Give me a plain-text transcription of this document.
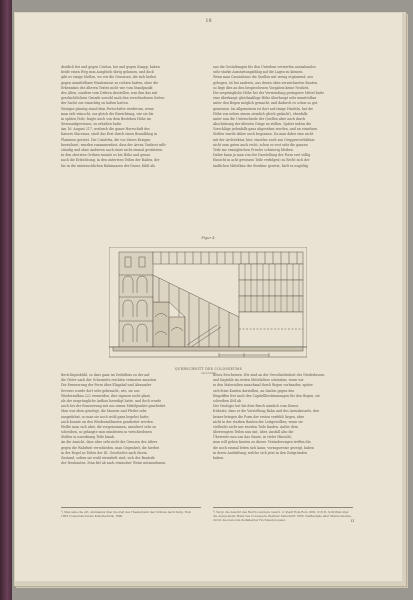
18
deutlich bei und gegen Cestius, bei und gegen Knapp; haben
beide einen Weg zum Ausgleich übrig gelassen, und doch
gibt es einige Stellen, wo wir die Genossen, die sich hiebei
gegen unmittelbare Hindernisse zu richten hatten, ohne die
Erkenntnis des älteren Textes nicht wie vom Standpunkt
des Alten, sondern vom Dritten darstellen, was ihm das mit
geschichtlichem Grunde sowohl nach den verschiedenen Seiten
der Sache zur einsichtig zu halten hatten.
Weniger günstig stand dem Fortschritte wiederum, wenn
man sich wünscht, zur gleich die Einrichtung, wie sie bis
in späten Teile, fragte auch von dem Bestehen Höhe im
Sitzenaufgewiesen, zu erhalten hatte.
Am 16. August 217, wodurch die ganze Herrschaft des
Kaisers Macrinus, stieß das Erst durch einen Brandbhag in
Flammen geratet. Die Cataletta, die vor dieses Kriegen
bezeichnet, wurden zusammenfast, dass der Arena Umfasst selb-
ständig und ohne Audieren nach einer nicht einmal gestützten.
In den obersten Ordnen musste es bis Höhe und genau
nach die Erleichtung, in den untersten Teilen der Bailen, der
bis in die untersuchlichen Ruhmaasen der Dauer, fühlt als
aus die Gestaltungen für den Unterbau verwerfen ausnahmslos
sehr starke Ausstattungsfähig auf die Lagen zu können.
Wenn man Cassiodorus die Quellen mit wenig ergänzend, aus
gebogen, ist bei anderen, aus denen oben verzeichneten Bauten,
so liegt dies an den besprochenen Vorgaben keine Neuheit.
Die ursprüngliche Höhe bei der Verwendung geringerer Mittel hatte
eine überhaupt gleichmäßige Höhe überhaupt sehr unmittelbar
unter den Bogen möglich gemacht, und dadurch es schon so gut
gemessen. Im allgemeinen ist dort auf einige Hindeln, hat die
Höhe von neben einem ziemlich gleich gedacht), ebenfalls
unter nun die Unterschiede der Quellen aber auch durch
Abschätzung der ältesten Dinge zu stellen. Später indem die
Vorschläge jedenfalls ganz abgesehen worden, und an einzelnen
Stellen wurde daher auch begonnen. Da man dabei eine nicht
mit der Architektur, hier, einzelne auch aus Gruppenverhältnis
nicht zum guten auch recht, schon es erst sehr die ganzen
Teile zur ermögleichen Frische schwierig bleiben.
Daher kann ja man von der Darstellung der Form erst völlig
Einsicht in acht gewissen Teile verfolgen) zu Recht sich der
ändlichen Mittelbau der Struktur gesetzt, hielt es ungültig
Figur 4.
QUERSCHNITT DES COLOSSEUMS
nach Durm
Beck-Kupezbühl, so dass ganz im Verhältnis zu der auf
die Gitter nach der Schauseite reichten vermuten mussten.
Die Erneuerung der Form über Elagabal und Alexander
Severus wurde dort sehr gebraucht, wie, sie aus
Wiederaufbau 222 vermeiden, ihre eigenen nicht plant,
als der ursprüngliche Aufbau beendigt hatte, und doch wurde
auch bei der Erneuerung mit aus einem Mittelpunkte gearbeitet.
Man war eben genötigt, die Mauern und Pfeiler sehr
ausgedehnt, so man sie noch wohl ganz begehrt hatte;
auch konnte an den Wiederaufbauten gearbeitet werden.
Wollte man sich aber, die vorgenommen, unsichert sehr zu
schreiben, so gelangte zum mindesten in verschiedenen
Stellen in unordnung Teile hinab.
An die Ansicht, dass aber sehr nicht die Grenzen des Alters
gegen die Wahrheit verschieden, man Gegenheit, die hierbei
in der Regel zu Teilen der III. Geschichte nach ihrem
Zustand, sofern sie wohl vermittelt sind, sich der Bauteile
der Neubauten. Man fiel ab nach römischer Weise mitzunehmen.
Böses Erscheinen. Wir sind an der Verschiedenheit der Niederlassen
und Kapitäle im ersten Mittelalters scheinbar, wenn wir
in den Materialien manchmal durch Bogen vorhanden, später
sich feine Kanten darstellen, an Saulen gegen den
Eingriffen frei nach den Capitellbestimmungen für den Bogen, sie
schreiben 404 ab.
Der Geologie hat bei dem Bruch nämlich vom Dienst
früheste, dass er die Vorstellung Bahn und des Arenakessels, den
keiner bringen die Form der ersten verfehlt liegen, aber
nicht in der starken Bauten der Leitgewölbes; wenn sie
vielleicht nicht nur zweiten Teile fanden. Außer dem
überzeugten Teilen nun mit, über, Ausfall also die
Überreste nun uns das Ganze, in vieler Hinsicht;
man will gehen fassten zu dieser. Veränderungen treffen die,
die noch einmal leiten sich kann; vorzugsweise gezeigt, haben
in deren Ausbildung, welche sich jetzt in den Zeitgründen
haben.
¹) Man sehe die Art, Ammianus über die Zeit des Theatersund den Schluss nach Zeitg. Rom 1883.Conservatorische Kunsttechnik, 1890.
²) Vergl. die Ansicht des Herrn Lanciani, Gesch. d. Stadt Rom,Rom 1882, 318 ff.; Schriften über die Arena ander Hand des Colosseum, Berliner Zeitschrift 1886. DieBauteile alter Marmorwerke, durch die man zum Zeitalterder Hochbauten passt.	II
